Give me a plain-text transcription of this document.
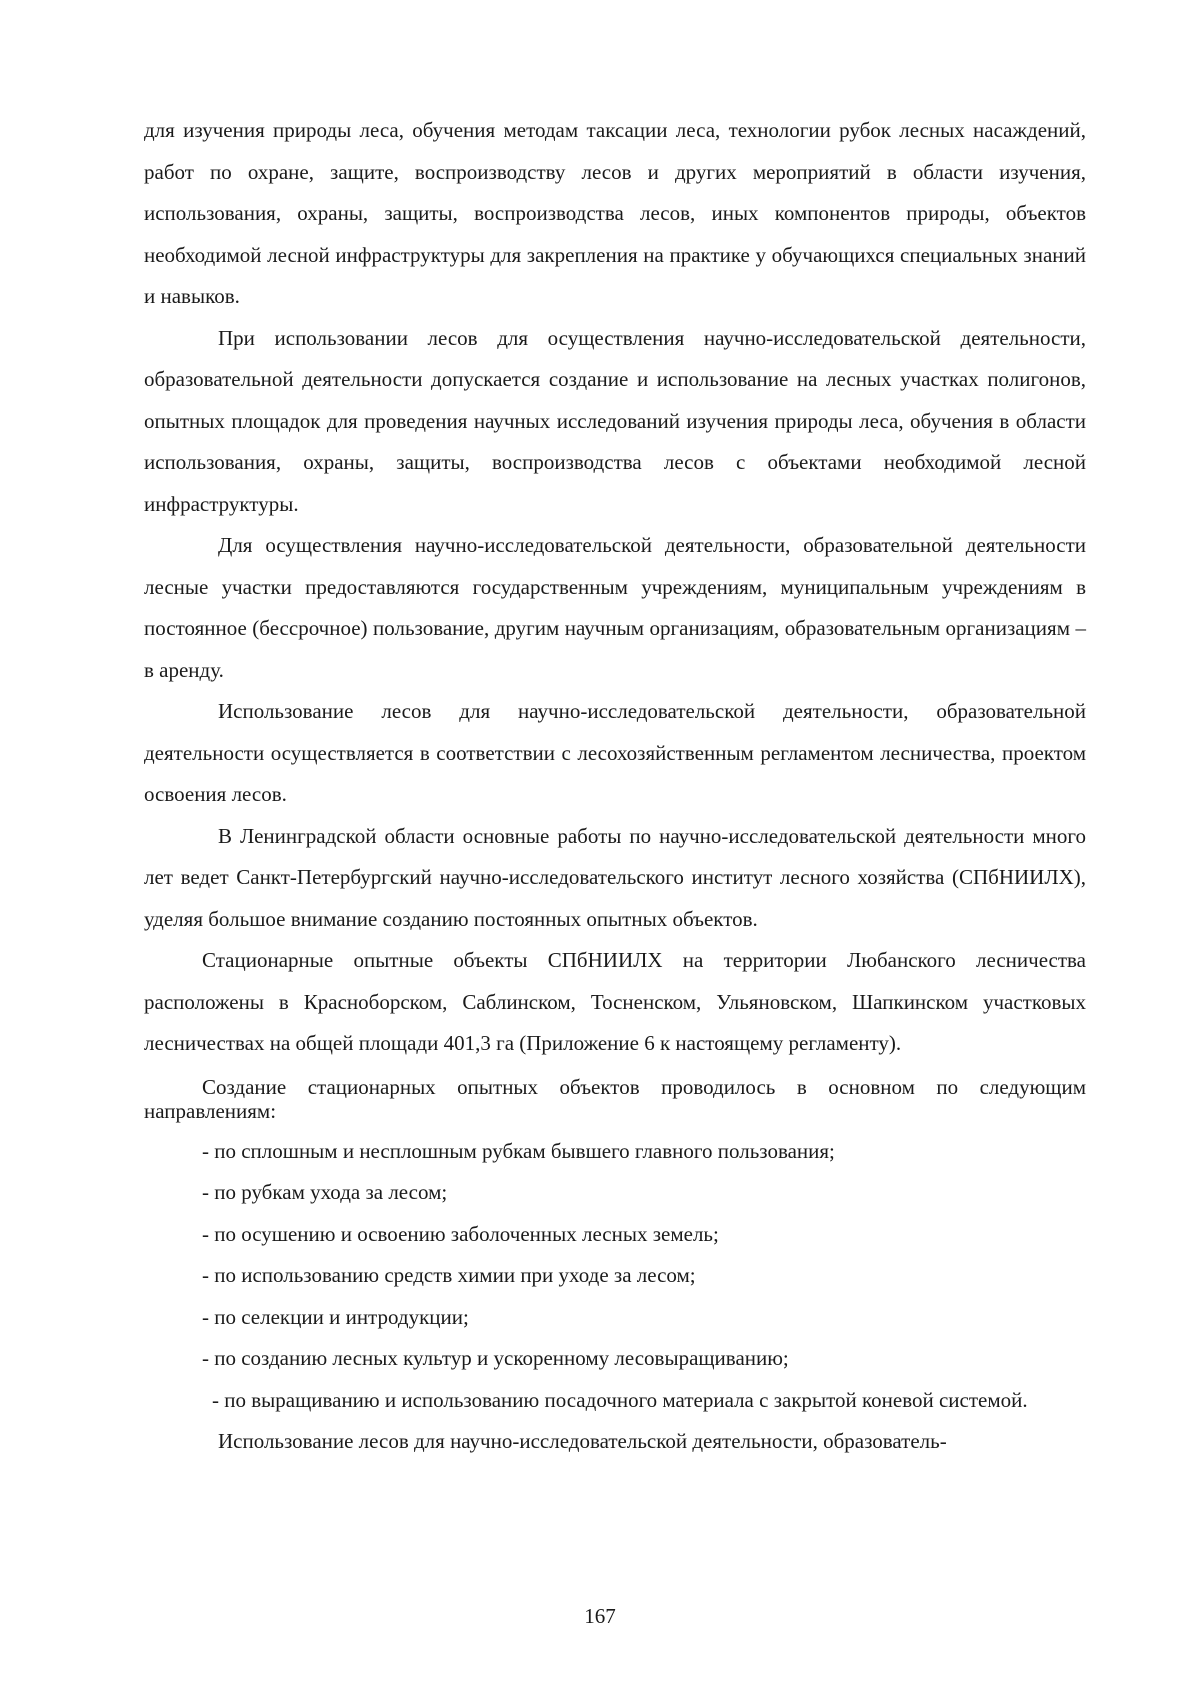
для изучения природы леса, обучения методам таксации леса, технологии рубок лесных насаждений, работ по охране, защите, воспроизводству лесов и других мероприятий в области изучения, использования, охраны, защиты, воспроизводства лесов, иных компонентов природы, объектов необходимой лесной инфраструктуры для закрепления на практике у обучающихся специальных знаний и навыков.

При использовании лесов для осуществления научно-исследовательской деятельности, образовательной деятельности допускается создание и использование на лесных участках полигонов, опытных площадок для проведения научных исследований изучения природы леса, обучения в области использования, охраны, защиты, воспроизводства лесов с объектами необходимой лесной инфраструктуры.

Для осуществления научно-исследовательской деятельности, образовательной деятельности лесные участки предоставляются государственным учреждениям, муниципальным учреждениям в постоянное (бессрочное) пользование, другим научным организациям, образовательным организациям – в аренду.

Использование лесов для научно-исследовательской деятельности, образовательной деятельности осуществляется в соответствии с лесохозяйственным регламентом лесничества, проектом освоения лесов.

В Ленинградской области основные работы по научно-исследовательской деятельности много лет ведет Санкт-Петербургский научно-исследовательского институт лесного хозяйства (СПбНИИЛХ), уделяя большое внимание созданию постоянных опытных объектов.

Стационарные опытные объекты СПбНИИЛХ на территории Любанского лесничества расположены в Красноборском, Саблинском, Тосненском, Ульяновском, Шапкинском участковых лесничествах на общей площади 401,3 га (Приложение 6 к настоящему регламенту).

Создание стационарных опытных объектов проводилось в основном по следующим направлениям:

- по сплошным и несплошным рубкам бывшего главного пользования;
- по рубкам ухода за лесом;
- по осушению и освоению заболоченных лесных земель;
- по использованию средств химии при уходе за лесом;
- по селекции и интродукции;
- по созданию лесных культур и ускоренному лесовыращиванию;
- по выращиванию и использованию посадочного материала с закрытой коневой системой.

Использование лесов для научно-исследовательской деятельности, образователь-

167
